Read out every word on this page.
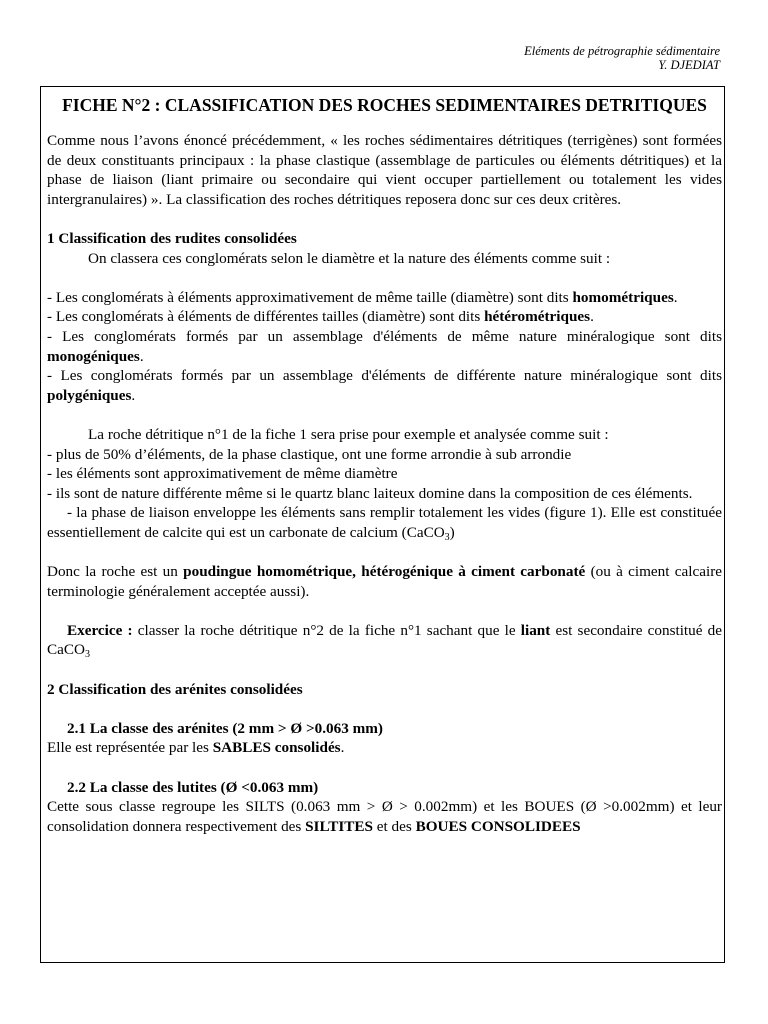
Eléments de pétrographie sédimentaire
Y. DJEDIAT
FICHE N°2 : CLASSIFICATION DES ROCHES SEDIMENTAIRES DETRITIQUES

Comme nous l’avons énoncé précédemment, « les roches sédimentaires détritiques (terrigènes) sont formées de deux constituants principaux : la phase clastique (assemblage de particules ou éléments détritiques) et la phase de liaison (liant primaire ou secondaire qui vient occuper partiellement ou totalement les vides intergranulaires) ». La classification des roches détritiques reposera donc sur ces deux critères.

1 Classification des rudites consolidées

On classera ces conglomérats selon le diamètre et la nature des éléments comme suit :

- Les conglomérats à éléments approximativement de même taille (diamètre) sont dits homométriques.

- Les conglomérats à éléments de différentes tailles (diamètre) sont dits hétérométriques.

- Les conglomérats formés par un assemblage d'éléments de même nature minéralogique sont dits monogéniques.

- Les conglomérats formés par un assemblage d'éléments de différente nature minéralogique sont dits polygéniques.

La roche détritique n°1 de la fiche 1 sera prise pour exemple et analysée comme suit :

- plus de 50% d’éléments, de la phase clastique, ont une forme arrondie à sub arrondie

- les éléments sont approximativement de même diamètre

- ils sont de nature différente même si le quartz blanc laiteux domine dans la composition de ces éléments.

- la phase de liaison enveloppe les éléments sans remplir totalement les vides (figure 1). Elle est constituée essentiellement de calcite qui est un carbonate de calcium (CaCO$_3$)

Donc la roche est un poudingue homométrique, hétérogénique à ciment carbonaté (ou à ciment calcaire terminologie généralement acceptée aussi).

Exercice : classer la roche détritique n°2 de la fiche n°1 sachant que le liant est secondaire constitué de CaCO$_3$

2 Classification des arénites consolidées

2.1 La classe des arénites (2 mm > Ø >0.063 mm)

Elle est représentée par les SABLES consolidés.

2.2 La classe des lutites (Ø <0.063 mm)

Cette sous classe regroupe les SILTS (0.063 mm > Ø > 0.002mm) et les BOUES (Ø >0.002mm) et leur consolidation donnera respectivement des SILTITES et des BOUES CONSOLIDEES
